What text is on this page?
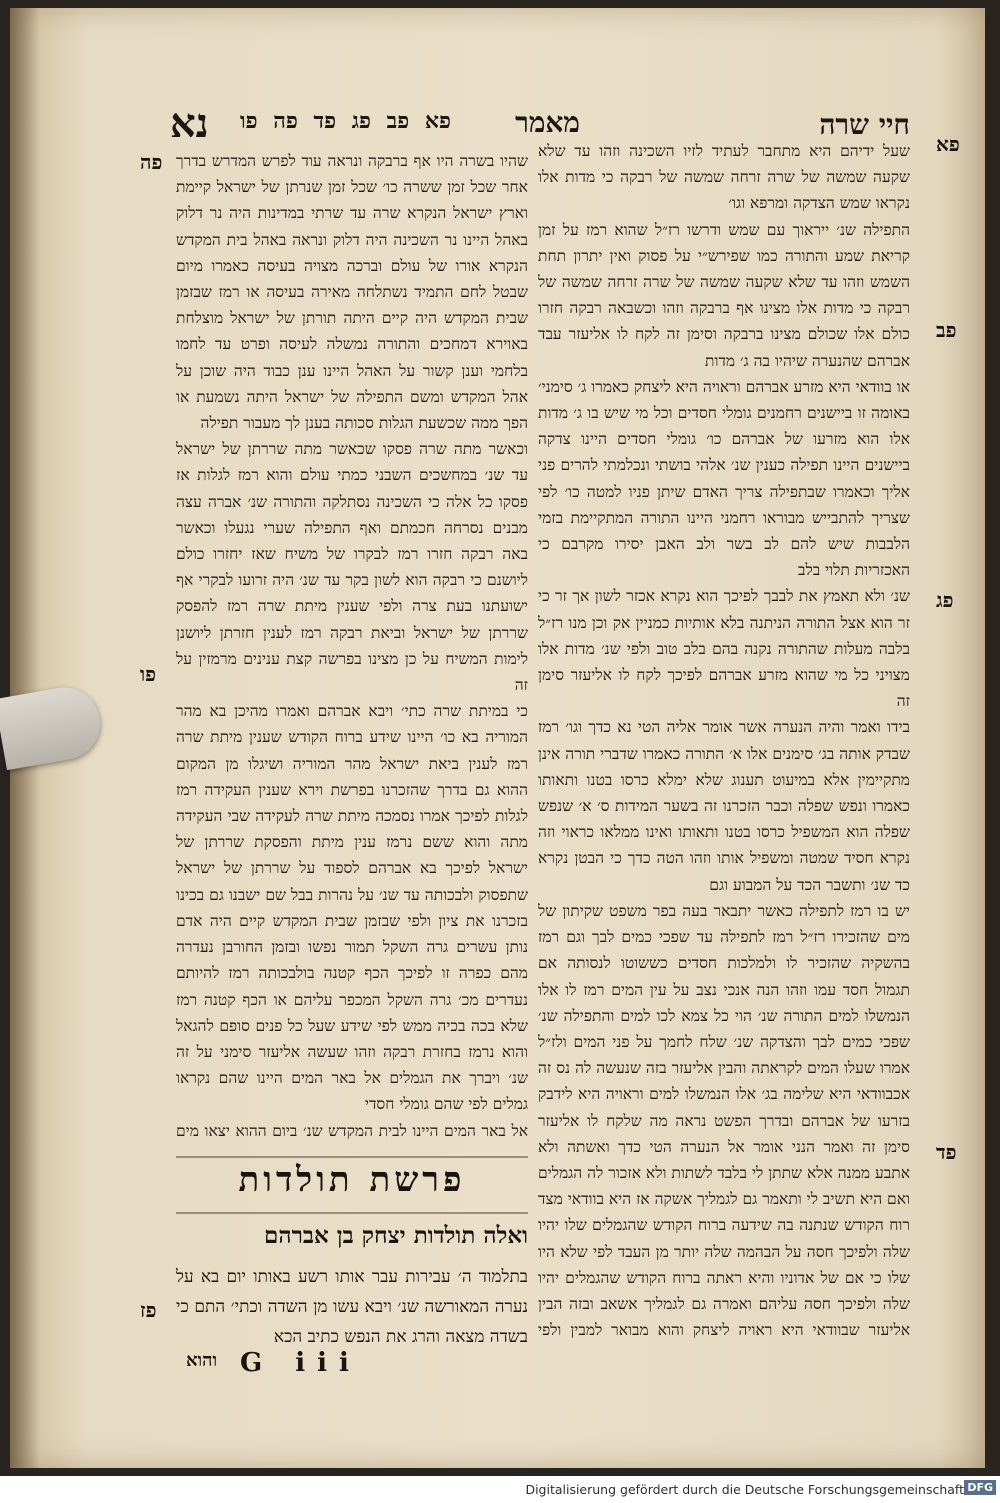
חיי שרה
מאמר
פא פב פג פד פה פו
נא	פא
פב
פג
פד
פה
פו
פז

שעל ידיהם היא מתחבר לעתיד לזיו השכינה וזהו עד שלא שקעה שמשה של שרה זרחה שמשה של רבקה כי מדות אלו נקראו שמש הצדקה ומרפא וגו׳

התפילה שנ׳ ייראוך עם שמש ודרשו רז״ל שהוא רמז על זמן קריאת שמע והתורה כמו שפירש״י על פסוק ואין יתרון תחת השמש וזהו עד שלא שקעה שמשה של שרה זרחה שמשה של רבקה כי מדות אלו מצינו אף ברבקה וזהו וכשבאה רבקה חזרו כולם אלו שכולם מצינו ברבקה וסימן זה לקח לו אליעזר עבד אברהם שהנערה שיהיו בה ג׳ מדות

או בוודאי היא מזרע אברהם וראויה היא ליצחק כאמרו ג׳ סימני׳ באומה זו ביישנים רחמנים גומלי חסדים וכל מי שיש בו ג׳ מדות אלו הוא מזרעו של אברהם כו׳ גומלי חסדים היינו צדקה ביישנים היינו תפילה כענין שנ׳ אלהי בושתי ונכלמתי להרים פני אליך וכאמרו שבתפילה צריך האדם שיתן פניו למטה כו׳ לפי שצריך להתבייש מבוראו רחמני היינו התורה המתקיימת בזמי הלבבות שיש להם לב בשר ולב האבן יסירו מקרבם כי האכזריות תלוי בלב

שנ׳ ולא תאמץ את לבבך לפיכך הוא נקרא אכזר לשון אך זר כי זר הוא אצל התורה הניתנה בלא אותיות כמניין אק וכן מנו רז״ל בלבה מעלות שהתורה נקנה בהם בלב טוב ולפי שנ׳ מדות אלו מצויני כל מי שהוא מזרע אברהם לפיכך לקח לו אליעזר סימן זה

בידו ואמר והיה הנערה אשר אומר אליה הטי נא כדך וגו׳ רמז שבדק אותה בג׳ סימנים אלו א׳ התורה כאמרו שדברי תורה אינן מתקיימין אלא במיעוט תענוג שלא ימלא כרסו בטנו ותאותו כאמרו ונפש שפלה וכבר הזכרנו זה בשער המידות ס׳ א׳ שנפש שפלה הוא המשפיל כרסו בטנו ותאותו ואינו ממלאו כראוי וזה נקרא חסיד שמטה ומשפיל אותו וזהו הטה כדך כי הבטן נקרא כד שנ׳ ותשבר הכד על המבוע וגם

יש בו רמז לתפילה כאשר יתבאר בעה בפר משפט שקיתון של מים שהזכירו רז״ל רמז לתפילה עד שפכי כמים לבך וגם רמז בהשקיה שהזכיר לו ולמלכות חסדים כששוטו לנסותה אם תגמול חסד עמו וזהו הנה אנכי נצב על עין המים רמז לו אלו הנמשלו למים התורה שנ׳ הוי כל צמא לכו למים והתפילה שנ׳ שפכי כמים לבך והצדקה שנ׳ שלח לחמך על פני המים ולז״ל אמרו שעלו המים לקראתה והבין אליעזר בזה שנעשה לה נס זה אכבוודאי היא שלימה בג׳ אלו הנמשלו למים וראויה היא לידבק בזרעו של אברהם ובדרך הפשט נראה מה שלקח לו אליעזר סימן זה ואמר הנני אומר אל הנערה הטי כדך ואשתה ולא אתבע ממנה אלא שתתן לי בלבד לשתות ולא אזכור לה הגמלים ואם היא תשיב לי ותאמר גם לגמליך אשקה אז היא בוודאי מצד רוח הקודש שנתנה בה שידעה ברוח הקודש שהגמלים שלו יהיו שלה ולפיכך חסה על הבהמה שלה יותר מן העבד לפי שלא היו שלו כי אם של אדוניו והיא ראתה ברוח הקודש שהגמלים יהיו שלה ולפיכך חסה עליהם ואמרה גם לגמליך אשאב ובזה הבין אליעזר שבוודאי היא ראויה ליצחק והוא מבואר למבין ולפי

שהיו בשרה היו אף ברבקה ונראה עוד לפרש המדרש בדרך אחר שכל זמן ששרה כו׳ שכל זמן שנרתן של ישראל קיימת וארץ ישראל הנקרא שרה עד שרתי במדינות היה נר דלוק באהל היינו נר השכינה היה דלוק ונראה באהל בית המקדש הנקרא אורו של עולם וברכה מצויה בעיסה כאמרו מיום שבטל לחם התמיד נשתלחה מאירה בעיסה או רמז שבזמן שבית המקדש היה קיים היתה תורתן של ישראל מוצלחת באוירא דמחכים והתורה נמשלה לעיסה ופרט עד לחמו בלחמי וענן קשור על האהל היינו ענן כבוד היה שוכן על אהל המקדש ומשם התפילה של ישראל היתה נשמעת או הפך ממה שכשעת הגלות סכותה בענן לך מעבור תפילה

וכאשר מתה שרה פסקו שכאשר מתה שררתן של ישראל עד שנ׳ במחשכים השבני כמתי עולם והוא רמז לגלות אז פסקו כל אלה כי השכינה נסתלקה והתורה שנ׳ אברה עצה מבנים נסרחה חכמתם ואף התפילה שערי נגעלו וכאשר באה רבקה חזרו רמז לבקרו של משיח שאז יחזרו כולם ליושנם כי רבקה הוא לשון בקר עד שנ׳ היה זרועו לבקרי אף ישועתנו בעת צרה ולפי שענין מיתת שרה רמז להפסק שררתן של ישראל וביאת רבקה רמז לענין חזרתן ליושנן לימות המשיח על כן מצינו בפרשה קצת ענינים מרמזין על זה

כי במיתת שרה כתי׳ ויבא אברהם ואמרו מהיכן בא מהר המוריה בא כו׳ היינו שידע ברוח הקודש שענין מיתת שרה רמז לענין ביאת ישראל מהר המוריה ושיגלו מן המקום ההוא גם בדרך שהזכרנו בפרשת וירא שענין העקידה רמז לגלות לפיכך אמרו נסמכה מיתת שרה לעקידה שבי העקידה מתה והוא ששם נרמז ענין מיתת והפסקת שררתן של ישראל לפיכך בא אברהם לספוד על שררתן של ישראל שתפסוק ולבכותה עד שנ׳ על נהרות בבל שם ישבנו גם בכינו בזכרנו את ציון ולפי שבזמן שבית המקדש קיים היה אדם נותן עשרים גרה השקל תמור נפשו ובזמן החורבן נעדרה מהם כפרה זו לפיכך הכף קטנה בולבכותה רמז להיותם נעדרים מכ׳ גרה השקל המכפר עליהם או הכף קטנה רמז שלא בכה בכיה ממש לפי שידע שעל כל פנים סופם להגאל והוא נרמז בחזרת רבקה וזהו שעשה אליעזר סימני על זה שנ׳ ויברך את הגמלים אל באר המים היינו שהם נקראו גמלים לפי שהם גומלי חסדי

אל באר המים היינו לבית המקדש שנ׳ ביום ההוא יצאו מים

פרשת תולדות
ואלה תולדות יצחק בן אברהם
בתלמוד ה׳ עבירות עבר אותו רשע באותו יום בא על נערה המאורשה שנ׳ ויבא עשו מן השדה וכתי׳ התם כי בשדה מצאה והרג את הנפש כתיב הכא
G iii
והוא
Digitalisierung gefördert durch die Deutsche Forschungsgemeinschaft DFG
